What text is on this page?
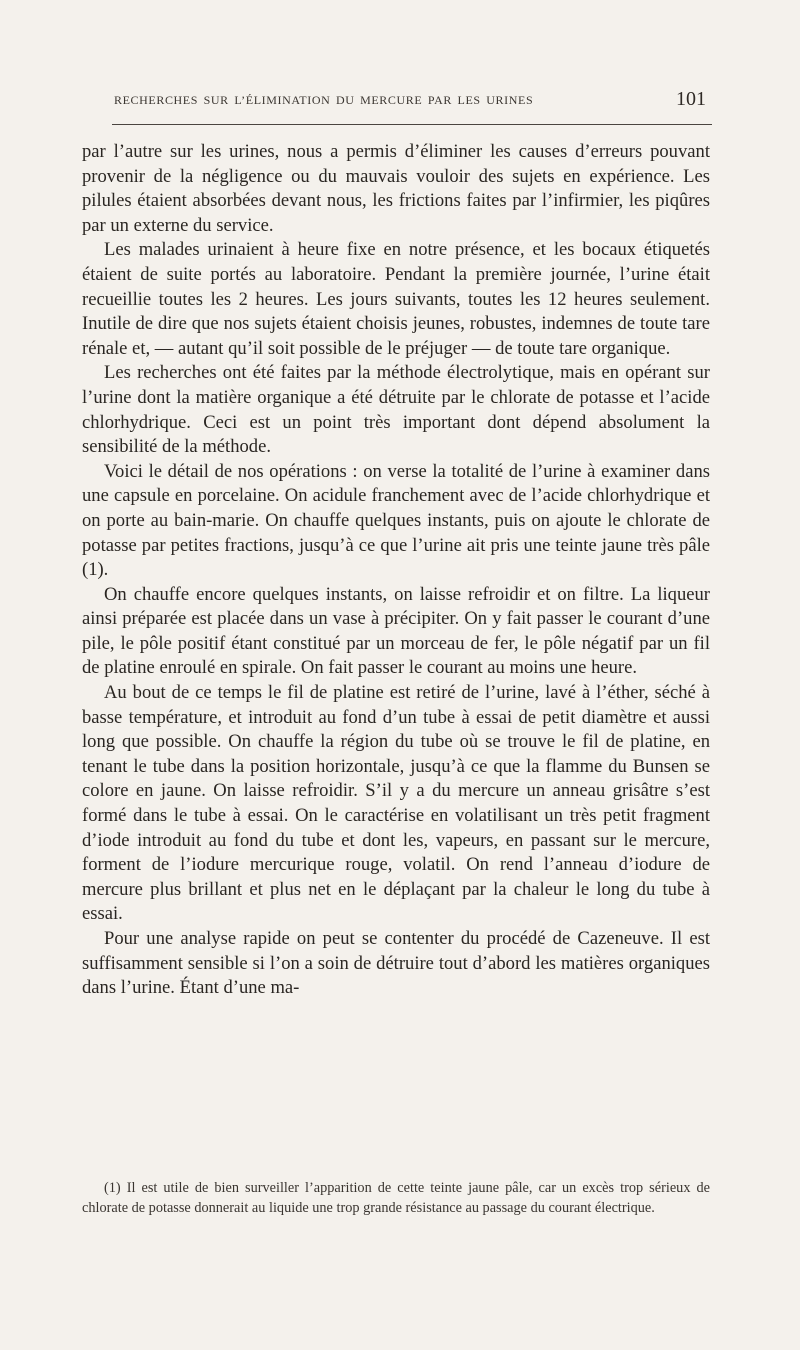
RECHERCHES SUR L’ÉLIMINATION DU MERCURE PAR LES URINES	101

par l’autre sur les urines, nous a permis d’éliminer les causes d’erreurs pouvant provenir de la négligence ou du mauvais vouloir des sujets en expérience. Les pilules étaient absorbées devant nous, les frictions faites par l’infirmier, les piqûres par un externe du service.

Les malades urinaient à heure fixe en notre présence, et les bocaux étiquetés étaient de suite portés au laboratoire. Pendant la première journée, l’urine était recueillie toutes les 2 heures. Les jours suivants, toutes les 12 heures seulement. Inutile de dire que nos sujets étaient choisis jeunes, robustes, indemnes de toute tare rénale et, — autant qu’il soit possible de le préjuger — de toute tare organique.

Les recherches ont été faites par la méthode électrolytique, mais en opérant sur l’urine dont la matière organique a été détruite par le chlorate de potasse et l’acide chlorhydrique. Ceci est un point très important dont dépend absolument la sensibilité de la méthode.

Voici le détail de nos opérations : on verse la totalité de l’urine à examiner dans une capsule en porcelaine. On acidule franchement avec de l’acide chlorhydrique et on porte au bain-marie. On chauffe quelques instants, puis on ajoute le chlorate de potasse par petites fractions, jusqu’à ce que l’urine ait pris une teinte jaune très pâle (1).

On chauffe encore quelques instants, on laisse refroidir et on filtre. La liqueur ainsi préparée est placée dans un vase à précipiter. On y fait passer le courant d’une pile, le pôle positif étant constitué par un morceau de fer, le pôle négatif par un fil de platine enroulé en spirale. On fait passer le courant au moins une heure.

Au bout de ce temps le fil de platine est retiré de l’urine, lavé à l’éther, séché à basse température, et introduit au fond d’un tube à essai de petit diamètre et aussi long que possible. On chauffe la région du tube où se trouve le fil de platine, en tenant le tube dans la position horizontale, jusqu’à ce que la flamme du Bunsen se colore en jaune. On laisse refroidir. S’il y a du mercure un anneau grisâtre s’est formé dans le tube à essai. On le caractérise en volatilisant un très petit fragment d’iode introduit au fond du tube et dont les, vapeurs, en passant sur le mercure, forment de l’iodure mercurique rouge, volatil. On rend l’anneau d’iodure de mercure plus brillant et plus net en le déplaçant par la chaleur le long du tube à essai.

Pour une analyse rapide on peut se contenter du procédé de Cazeneuve. Il est suffisamment sensible si l’on a soin de détruire tout d’abord les matières organiques dans l’urine. Étant d’une ma-

(1) Il est utile de bien surveiller l’apparition de cette teinte jaune pâle, car un excès trop sérieux de chlorate de potasse donnerait au liquide une trop grande résistance au passage du courant électrique.
